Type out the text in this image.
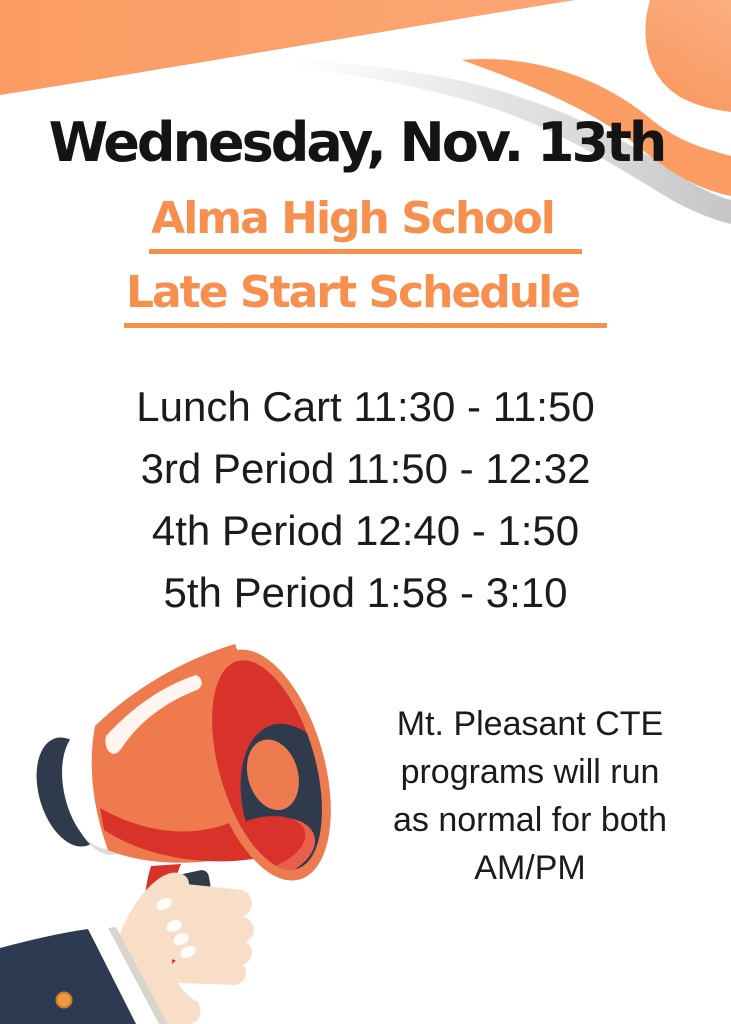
Wednesday, Nov. 13th
Alma High School
Late Start Schedule
Lunch Cart 11:30 - 11:50
3rd Period 11:50 - 12:32
4th Period 12:40 - 1:50
5th Period 1:58 - 3:10
Mt. Pleasant CTE
programs will run
as normal for both
AM/PM
